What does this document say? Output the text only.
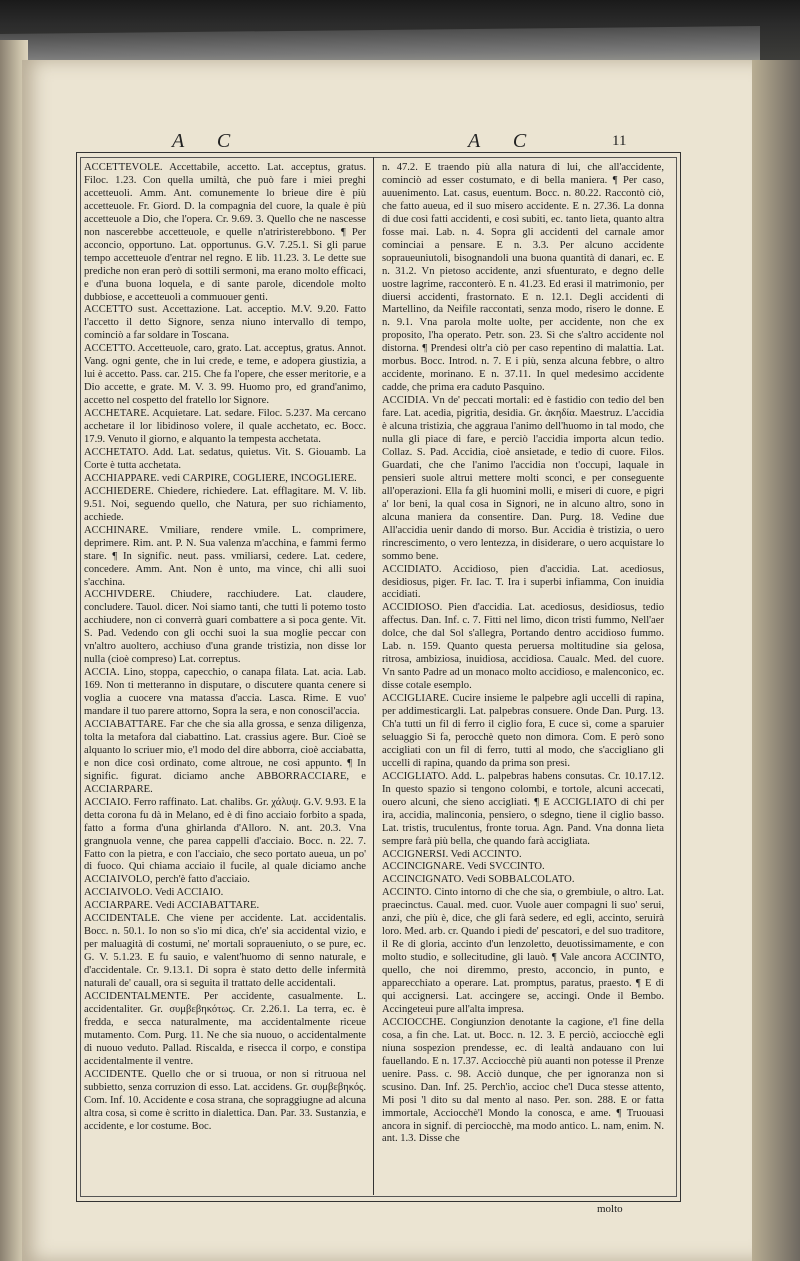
A C	A C	11

ACCETTEVOLE. Accettabile, accetto. Lat. acceptus, gratus. Filoc. 1.23. Con quella umiltà, che può fare i miei preghi accetteuoli. Amm. Ant. comunemente lo brieue dire è più accetteuole. Fr. Giord. D. la compagnia del cuore, la quale è più accetteuole a Dio, che l'opera. Cr. 9.69. 3. Quello che ne nascesse non nascerebbe accetteuole, e quelle n'atriristerebbono. ¶ Per acconcio, opportuno. Lat. opportunus. G.V. 7.25.1. Si gli parue tempo accetteuole d'entrar nel regno. E lib. 11.23. 3. Le dette sue prediche non eran però di sottili sermoni, ma erano molto efficaci, e d'una buona loquela, e di sante parole, dicendole molto dubbiose, e accetteuoli a commuouer genti.

ACCETTO sust. Accettazione. Lat. acceptio. M.V. 9.20. Fatto l'accetto il detto Signore, senza niuno intervallo di tempo, cominciò a far soldare in Toscana.

ACCETTO. Accetteuole, caro, grato. Lat. acceptus, gratus. Annot. Vang. ogni gente, che in lui crede, e teme, e adopera giustizia, a lui è accetto. Pass. car. 215. Che fa l'opere, che esser meritorie, e a Dio accette, e grate. M. V. 3. 99. Huomo pro, ed grand'animo, accetto nel cospetto del fratello lor Signore.

ACCHETARE. Acquietare. Lat. sedare. Filoc. 5.237. Ma cercano acchetare il lor libidinoso volere, il quale acchetato, ec. Bocc. 17.9. Venuto il giorno, e alquanto la tempesta acchetata.

ACCHETATO. Add. Lat. sedatus, quietus. Vit. S. Giouamb. La Corte è tutta acchetata.

ACCHIAPPARE. vedi CARPIRE, COGLIERE, INCOGLIERE.

ACCHIEDERE. Chiedere, richiedere. Lat. efflagitare. M. V. lib. 9.51. Noi, seguendo quello, che Natura, per suo richiamento, acchiede.

ACCHINARE. Vmiliare, rendere vmile. L. comprimere, deprimere. Rim. ant. P. N. Sua valenza m'acchina, e fammi fermo stare. ¶ In signific. neut. pass. vmiliarsi, cedere. Lat. cedere, concedere. Amm. Ant. Non è unto, ma vince, chi alli suoi s'acchina.

ACCHIVDERE. Chiudere, racchiudere. Lat. claudere, concludere. Tauol. dicer. Noi siamo tanti, che tutti li potemo tosto acchiudere, non ci converrà guari combattere a sì poca gente. Vit. S. Pad. Vedendo con gli occhi suoi la sua moglie peccar con vn'altro auoltero, acchiuso d'una grande tristizia, non disse lor nulla (cioè compreso) Lat. correptus.

ACCIA. Lino, stoppa, capecchio, o canapa filata. Lat. acia. Lab. 169. Non ti metteranno in disputare, o discutere quanta cenere si voglia a cuocere vna matassa d'accia. Lasca. Rime. E vuo' mandare il tuo parere attorno, Sopra la sera, e non conoscil'accia.

ACCIABATTARE. Far che che sia alla grossa, e senza diligenza, tolta la metafora dal ciabattino. Lat. crassius agere. Bur. Cioè se alquanto lo scriuer mio, e'l modo del dire abborra, cioè acciabatta, e non dice così ordinato, come altroue, ne così appunto. ¶ In signific. figurat. diciamo anche ABBORRACCIARE, e ACCIARPARE.

ACCIAIO. Ferro raffinato. Lat. chalibs. Gr. χάλυψ. G.V. 9.93. E la detta corona fu dà in Melano, ed è di fino acciaio forbito a spada, fatto a forma d'una ghirlanda d'Alloro. N. ant. 20.3. Vna grangnuola venne, che parea cappelli d'acciaio. Bocc. n. 22. 7. Fatto con la pietra, e con l'acciaio, che seco portato aueua, un po' di fuoco. Qui chiama acciaio il fucile, al quale diciamo anche ACCIAIVOLO, perch'è fatto d'acciaio.

ACCIAIVOLO. Vedi ACCIAIO.

ACCIARPARE. Vedi ACCIABATTARE.

ACCIDENTALE. Che viene per accidente. Lat. accidentalis. Bocc. n. 50.1. Io non so s'io mi dica, ch'e' sia accidental vizio, e per maluagità di costumi, ne' mortali sopraueniuto, o se pure, ec. G. V. 5.1.23. E fu sauio, e valent'huomo di senno naturale, e d'accidentale. Cr. 9.13.1. Di sopra è stato detto delle infermità naturali de' cauall, ora si seguita il trattato delle accidentali.

ACCIDENTALMENTE. Per accidente, casualmente. L. accidentaliter. Gr. συμβεβηκότως. Cr. 2.26.1. La terra, ec. è fredda, e secca naturalmente, ma accidentalmente riceue mutamento. Com. Purg. 11. Ne che sia nuouo, o accidentalmente di nuouo veduto. Pallad. Riscalda, e risecca il corpo, e constipa accidentalmente il ventre.

ACCIDENTE. Quello che or si truoua, or non si ritruoua nel subbietto, senza corruzion di esso. Lat. accidens. Gr. συμβεβηκός. Com. Inf. 10. Accidente e cosa strana, che sopraggiugne ad alcuna altra cosa, sì come è scritto in dialettica. Dan. Par. 33. Sustanzia, e accidente, e lor costume. Boc.

n. 47.2. E traendo più alla natura di lui, che all'accidente, cominciò ad esser costumato, e di bella maniera. ¶ Per caso, auuenimento. Lat. casus, euentum. Bocc. n. 80.22. Raccontò ciò, che fatto aueua, ed il suo misero accidente. E n. 27.36. La donna di due così fatti accidenti, e così subiti, ec. tanto lieta, quanto altra fosse mai. Lab. n. 4. Sopra gli accidenti del carnale amor cominciai a pensare. E n. 3.3. Per alcuno accidente sopraueuniutoli, bisognandoli una buona quantità di danari, ec. E n. 31.2. Vn pietoso accidente, anzi sfuenturato, e degno delle uostre lagrime, racconterò. E n. 41.23. Ed erasi il matrimonio, per diuersi accidenti, frastornato. E n. 12.1. Degli accidenti di Martellino, da Neifile raccontati, senza modo, risero le donne. E n. 9.1. Vna parola molte uolte, per accidente, non che ex proposito, l'ha operato. Petr. son. 23. Sì che s'altro accidente nol distorna. ¶ Prendesi oltr'a ciò per caso repentino di malattia. Lat. morbus. Bocc. Introd. n. 7. E i più, senza alcuna febbre, o altro accidente, morinano. E n. 37.11. In quel medesimo accidente cadde, che prima era caduto Pasquino.

ACCIDIA. Vn de' peccati mortali: ed è fastidio con tedio del ben fare. Lat. acedia, pigritia, desidia. Gr. ἀκηδία. Maestruz. L'accidia è alcuna tristizia, che aggraua l'animo dell'huomo in tal modo, che nulla gli piace di fare, e perciò l'accidia importa alcun tedio. Collaz. S. Pad. Accidia, cioè ansietade, e tedio di cuore. Filos. Guardati, che che l'animo l'accidia non t'occupi, laquale in pensieri suole altrui mettere molti sconci, e per conseguente all'operazioni. Ella fa gli huomini molli, e miseri di cuore, e pigri a' lor beni, la qual cosa in Signori, ne in alcuno altro, sono in alcuna maniera da consentire. Dan. Purg. 18. Vedine due All'accidia uenir dando di morso. Bur. Accidia è tristizia, o uero rincrescimento, o vero lentezza, in disiderare, o uero acquistare lo sommo bene.

ACCIDIATO. Accidioso, pien d'accidia. Lat. acediosus, desidiosus, piger. Fr. Iac. T. Ira i superbi infiamma, Con inuidia accidiati.

ACCIDIOSO. Pien d'accidia. Lat. acediosus, desidiosus, tedio affectus. Dan. Inf. c. 7. Fitti nel limo, dicon tristi fummo, Nell'aer dolce, che dal Sol s'allegra, Portando dentro accidioso fummo. Lab. n. 159. Quanto questa peruersa moltitudine sia gelosa, ritrosa, ambiziosa, inuidiosa, accidiosa. Caualc. Med. del cuore. Vn santo Padre ad un monaco molto accidioso, e malenconico, ec. disse cotale esemplo.

ACCIGLIARE. Cucire insieme le palpebre agli uccelli di rapina, per addimesticargli. Lat. palpebras consuere. Onde Dan. Purg. 13. Ch'a tutti un fil di ferro il ciglio fora, E cuce sì, come a sparuier seluaggio Si fa, perocchè queto non dimora. Com. E però sono accigliati con un fil di ferro, tutti al modo, che s'accigliano gli uccelli di rapina, quando da prima son presi.

ACCIGLIATO. Add. L. palpebras habens consutas. Cr. 10.17.12. In questo spazio si tengono colombi, e tortole, alcuni accecati, ouero alcuni, che sieno accigliati. ¶ E ACCIGLIATO di chi per ira, accidia, malinconia, pensiero, o sdegno, tiene il ciglio basso. Lat. tristis, truculentus, fronte torua. Agn. Pand. Vna donna lieta sempre farà più bella, che quando farà accigliata.

ACCIGNERSI. Vedi ACCINTO.

ACCINCIGNARE. Vedi SVCCINTO.

ACCINCIGNATO. Vedi SOBBALCOLATO.

ACCINTO. Cinto intorno di che che sia, o grembiule, o altro. Lat. praecinctus. Caual. med. cuor. Vuole auer compagni li suo' serui, anzi, che più è, dice, che gli farà sedere, ed egli, accinto, seruirà loro. Med. arb. cr. Quando i piedi de' pescatori, e del suo traditore, il Re di gloria, accinto d'un lenzoletto, deuotissimamente, e con molto studio, e sollecitudine, gli lauò. ¶ Vale ancora ACCINTO, quello, che noi diremmo, presto, acconcio, in punto, e apparecchiato a operare. Lat. promptus, paratus, praesto. ¶ E di qui accignersi. Lat. accingere se, accingi. Onde il Bembo. Accingeteui pure all'alta impresa.

ACCIOCCHE. Congiunzion denotante la cagione, e'l fine della cosa, a fin che. Lat. ut. Bocc. n. 12. 3. E perciò, acciocchè egli niuna sospezion prendesse, ec. di lealtà andauano con lui fauellando. E n. 17.37. Acciocchè più auanti non potesse il Prenze uenire. Pass. c. 98. Acciò dunque, che per ignoranza non si scusino. Dan. Inf. 25. Perch'io, accioc che'l Duca stesse attento, Mi posi 'l dito su dal mento al naso. Per. son. 288. E or fatta immortale, Acciocchè'l Mondo la conosca, e ame. ¶ Truouasi ancora in signif. di perciocchè, ma modo antico. L. nam, enim. N. ant. 1.3. Disse che

molto
